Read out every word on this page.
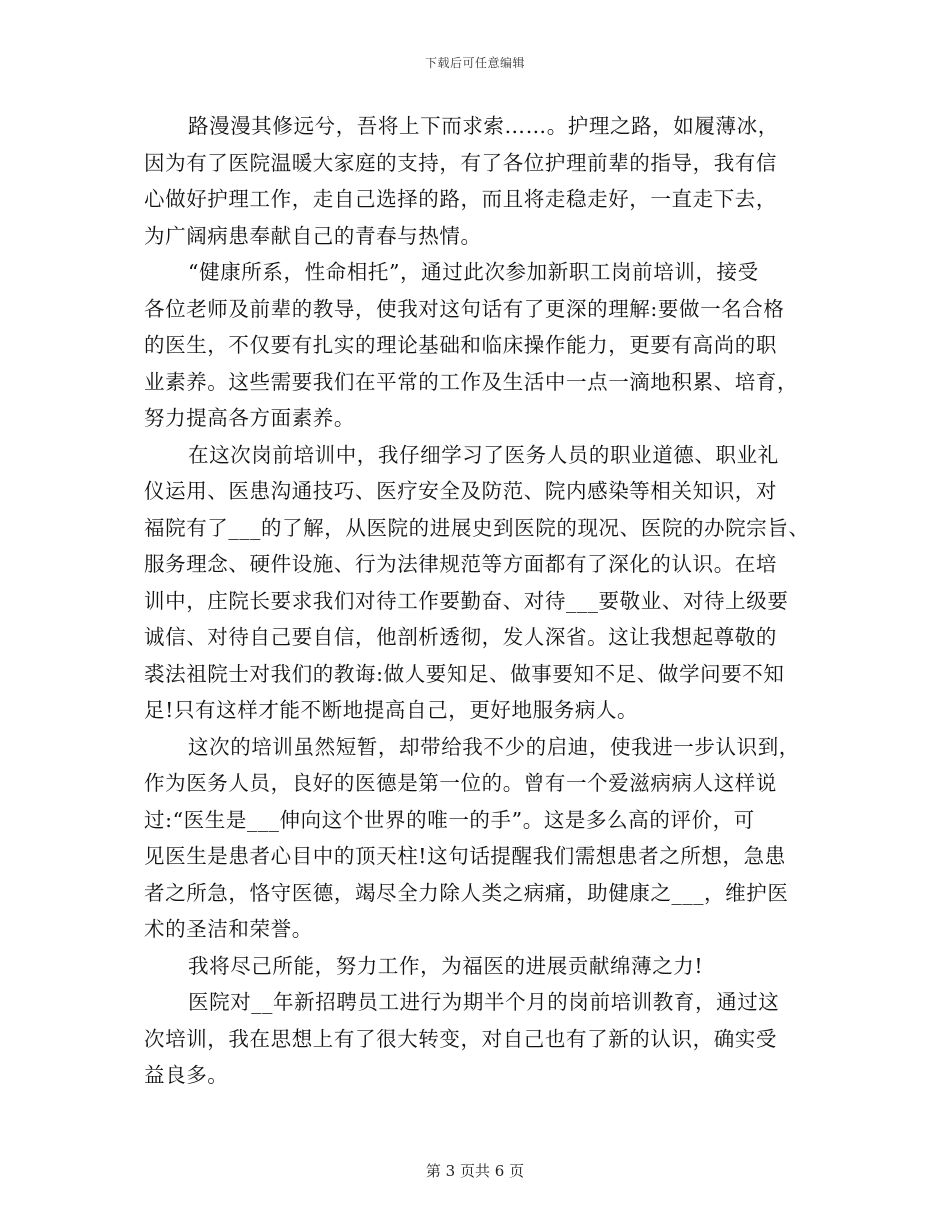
下载后可任意编辑
路漫漫其修远兮，吾将上下而求索……。护理之路，如履薄冰，
因为有了医院温暖大家庭的支持，有了各位护理前辈的指导，我有信
心做好护理工作，走自己选择的路，而且将走稳走好，一直走下去，
为广阔病患奉献自己的青春与热情。
“健康所系，性命相托”，通过此次参加新职工岗前培训，接受
各位老师及前辈的教导，使我对这句话有了更深的理解:要做一名合格
的医生，不仅要有扎实的理论基础和临床操作能力，更要有高尚的职
业素养。这些需要我们在平常的工作及生活中一点一滴地积累、培育，
努力提高各方面素养。
在这次岗前培训中，我仔细学习了医务人员的职业道德、职业礼
仪运用、医患沟通技巧、医疗安全及防范、院内感染等相关知识，对
福院有了___的了解，从医院的进展史到医院的现况、医院的办院宗旨、
服务理念、硬件设施、行为法律规范等方面都有了深化的认识。在培
训中，庄院长要求我们对待工作要勤奋、对待___要敬业、对待上级要
诚信、对待自己要自信，他剖析透彻，发人深省。这让我想起尊敬的
裘法祖院士对我们的教诲:做人要知足、做事要知不足、做学问要不知
足!只有这样才能不断地提高自己，更好地服务病人。
这次的培训虽然短暂，却带给我不少的启迪，使我进一步认识到，
作为医务人员，良好的医德是第一位的。曾有一个爱滋病病人这样说
过:“医生是___伸向这个世界的唯一的手”。这是多么高的评价，可
见医生是患者心目中的顶天柱!这句话提醒我们需想患者之所想，急患
者之所急，恪守医德，竭尽全力除人类之病痛，助健康之___，维护医
术的圣洁和荣誉。
我将尽己所能，努力工作，为福医的进展贡献绵薄之力!
医院对__年新招聘员工进行为期半个月的岗前培训教育，通过这
次培训，我在思想上有了很大转变，对自己也有了新的认识，确实受
益良多。
第 3 页共 6 页
